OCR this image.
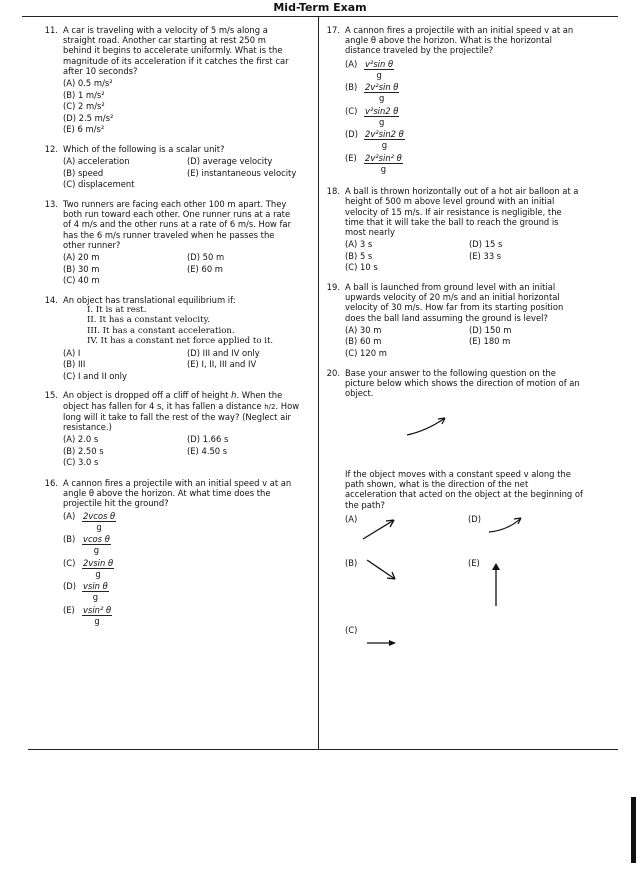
Mid-Term Exam
11. A car is traveling with a velocity of 5 m/s along a
straight road. Another car starting at rest 250 m
behind it begins to accelerate uniformly. What is the
magnitude of its acceleration if it catches the first car
after 10 seconds?
(A) 0.5 m/s²
(B) 1 m/s²
(C) 2 m/s²
(D) 2.5 m/s²
(E) 6 m/s²
12. Which of the following is a scalar unit?
(A) acceleration	(D) average velocity
(B) speed	(E) instantaneous velocity
(C) displacement
13. Two runners are facing each other 100 m apart. They
both run toward each other. One runner runs at a rate
of 4 m/s and the other runs at a rate of 6 m/s. How far
has the 6 m/s runner traveled when he passes the
other runner?
(A) 20 m	(D) 50 m
(B) 30 m	(E) 60 m
(C) 40 m
14. An object has translational equilibrium if:
I. It is at rest.
II. It has a constant velocity.
III. It has a constant acceleration.
IV. It has a constant net force applied to it.
(A) I	(D) III and IV only
(B) III	(E) I, II, III and IV
(C) I and II only
15. An object is dropped off a cliff of height h. When the
object has fallen for 4 s, it has fallen a distance h/2. How
long will it take to fall the rest of the way? (Neglect air
resistance.)
(A) 2.0 s	(D) 1.66 s
(B) 2.50 s	(E) 4.50 s
(C) 3.0 s
16. A cannon fires a projectile with an initial speed v at an
angle θ above the horizon. At what time does the
projectile hit the ground?
$(A) \frac{\text{2vcos θ}}{g}$
$(B) \frac{\text{vcos θ}}{g}$
$(C) \frac{\text{2vsin θ}}{g}$
$(D) \frac{\text{vsin θ}}{g}$
$(E) \frac{\text{vsin² θ}}{g}$
17. A cannon fires a projectile with an initial speed v at an
angle θ above the horizon. What is the horizontal
distance traveled by the projectile?
$(A) \frac{\text{v²sin θ}}{g}$
$(B) \frac{\text{2v²sin θ}}{g}$
$(C) \frac{\text{v²sin2 θ}}{g}$
$(D) \frac{\text{2v²sin2 θ}}{g}$
$(E) \frac{\text{2v²sin² θ}}{g}$
18. A ball is thrown horizontally out of a hot air balloon at a
height of 500 m above level ground with an initial
velocity of 15 m/s. If air resistance is negligible, the
time that it will take the ball to reach the ground is
most nearly
(A) 3 s	(D) 15 s
(B) 5 s	(E) 33 s
(C) 10 s
19. A ball is launched from ground level with an initial
upwards velocity of 20 m/s and an initial horizontal
velocity of 30 m/s. How far from its starting position
does the ball land assuming the ground is level?
(A) 30 m	(D) 150 m
(B) 60 m	(E) 180 m
(C) 120 m
20. Base your answer to the following question on the
picture below which shows the direction of motion of an
object.
If the object moves with a constant speed v along the
path shown, what is the direction of the net
acceleration that acted on the object at the beginning of
the path?
(A)	(D)
(B)	(E)
(C)
